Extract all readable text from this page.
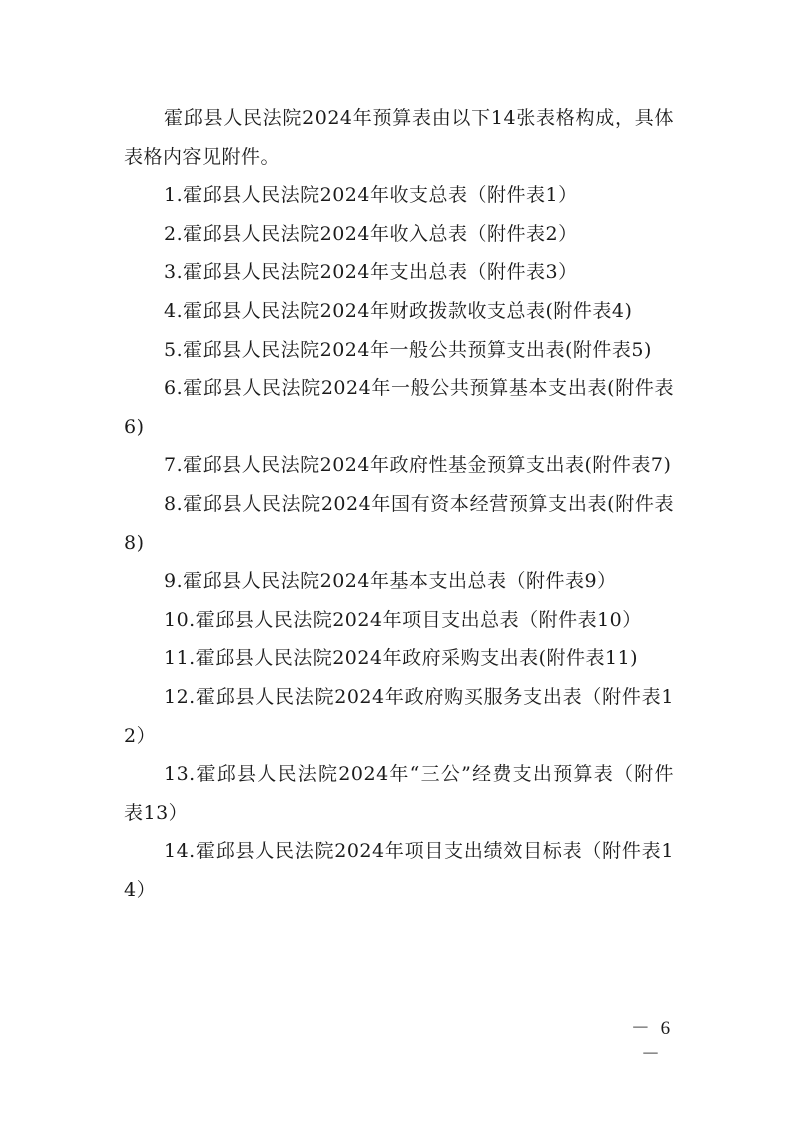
霍邱县人民法院2024年预算表由以下14张表格构成，具体表格内容见附件。

1.霍邱县人民法院2024年收支总表（附件表1）

2.霍邱县人民法院2024年收入总表（附件表2）

3.霍邱县人民法院2024年支出总表（附件表3）

4.霍邱县人民法院2024年财政拨款收支总表(附件表4)

5.霍邱县人民法院2024年一般公共预算支出表(附件表5)

6.霍邱县人民法院2024年一般公共预算基本支出表(附件表6)

7.霍邱县人民法院2024年政府性基金预算支出表(附件表7)

8.霍邱县人民法院2024年国有资本经营预算支出表(附件表8)

9.霍邱县人民法院2024年基本支出总表（附件表9）

10.霍邱县人民法院2024年项目支出总表（附件表10）

11.霍邱县人民法院2024年政府采购支出表(附件表11)

12.霍邱县人民法院2024年政府购买服务支出表（附件表12）

13.霍邱县人民法院2024年“三公”经费支出预算表（附件表13）

14.霍邱县人民法院2024年项目支出绩效目标表（附件表14）

－ 6 －
